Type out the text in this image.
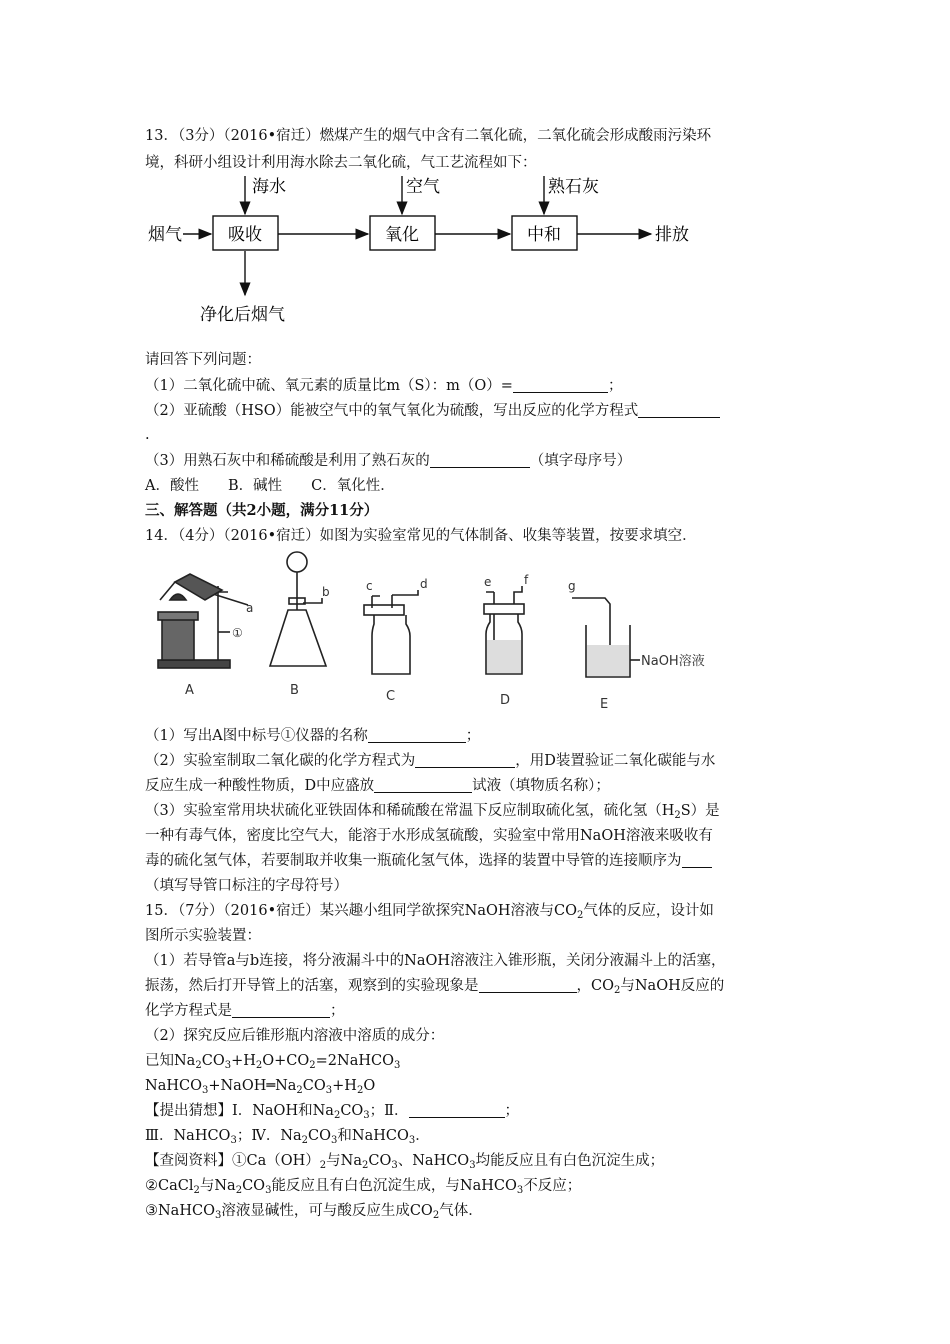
13．（3分）（2016•宿迁）燃煤产生的烟气中含有二氧化硫，二氧化硫会形成酸雨污染环
境，科研小组设计利用海水除去二氧化硫，气工艺流程如下：
烟气	吸收	氧化	中和	排放
海水	空气	熟石灰
净化后烟气
请回答下列问题：
（1）二氧化硫中硫、氧元素的质量比m（S）：m（O）=	；
（2）亚硫酸（HSO）能被空气中的氧气氧化为硫酸，写出反应的化学方程式
.
（3）用熟石灰中和稀硫酸是利用了熟石灰的	（填字母序号）
A．酸性　　B．碱性　　C．氧化性．
三、解答题（共2小题，满分11分）
14．（4分）（2016•宿迁）如图为实验室常见的气体制备、收集等装置，按要求填空．
a
b	c	d	e	f	g
①
NaOH溶液
A	B	C	D	E
（1）写出A图中标号①仪器的名称	；
（2）实验室制取二氧化碳的化学方程式为	，用D装置验证二氧化碳能与水
反应生成一种酸性物质，D中应盛放	试液（填物质名称）；
（3）实验室常用块状硫化亚铁固体和稀硫酸在常温下反应制取硫化氢，硫化氢$(H_2S)$是
一种有毒气体，密度比空气大，能溶于水形成氢硫酸，实验室中常用NaOH溶液来吸收有
毒的硫化氢气体，若要制取并收集一瓶硫化氢气体，选择的装置中导管的连接顺序为
（填写导管口标注的字母符号）
15．（7分）（2016•宿迁）某兴趣小组同学欲探究NaOH溶液与$CO_2$气体的反应，设计如
图所示实验装置：
（1）若导管a与b连接，将分液漏斗中的NaOH溶液注入锥形瓶，关闭分液漏斗上的活塞，
振荡，然后打开导管上的活塞，观察到的实验现象是	，$CO_2$与NaOH反应的
化学方程式是	；
（2）探究反应后锥形瓶内溶液中溶质的成分：
已知$Na_2CO_3+H_2O+CO_2=2NaHCO_3$
$NaHCO_3+NaOH═Na_2CO_3+H_2O$
【提出猜想】Ⅰ．NaOH和$Na_2CO_3$；Ⅱ．	；
Ⅲ．NaHCO$_3$；Ⅳ．$Na_2CO_3$和NaHCO$_3$．
【查阅资料】$①Ca(OH)_2$与$Na_2CO_3$、NaHCO$_3$均能反应且有白色沉淀生成；
②CaCl$_2$与$Na_2CO_3$能反应且有白色沉淀生成，与NaHCO$_3$不反应；
③NaHCO$_3$溶液显碱性，可与酸反应生成$CO_2$气体．
